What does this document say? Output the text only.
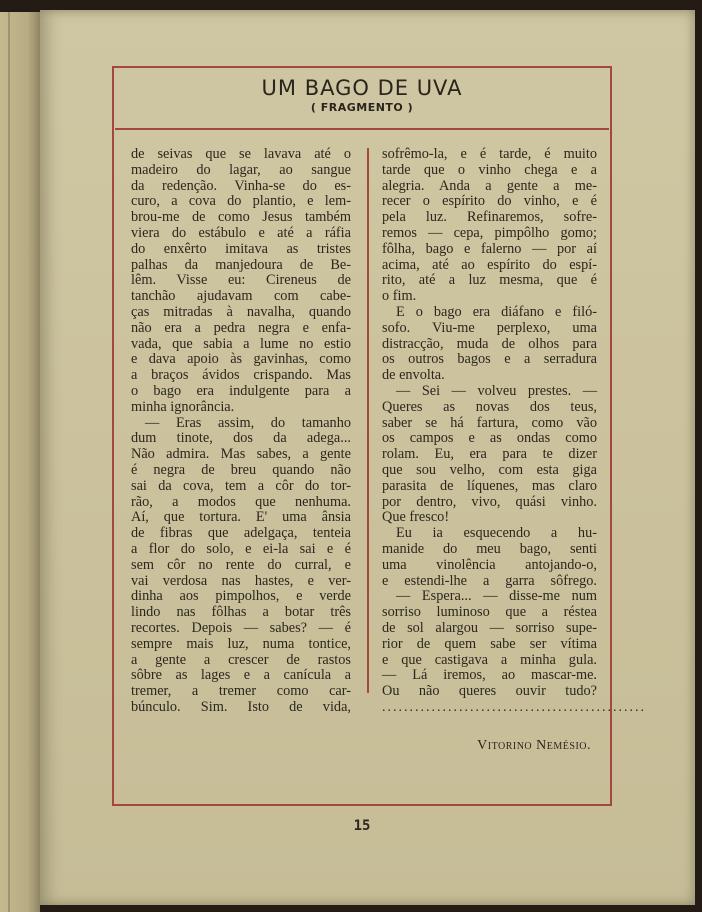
UM BAGO DE UVA
( FRAGMENTO )
de seivas que se lavava até o
madeiro do lagar, ao sangue
da redenção. Vinha-se do es-
curo, a cova do plantio, e lem-
brou-me de como Jesus também
viera do estábulo e até a ráfia
do enxêrto imitava as tristes
palhas da manjedoura de Be-
lêm. Visse eu: Cireneus de
tanchão ajudavam com cabe-
ças mitradas à navalha, quando
não era a pedra negra e enfa-
vada, que sabia a lume no estio
e dava apoio às gavinhas, como
a braços ávidos crispando. Mas
o bago era indulgente para a
minha ignorância.
— Eras assim, do tamanho
dum tinote, dos da adega...
Não admira. Mas sabes, a gente
é negra de breu quando não
sai da cova, tem a côr do tor-
rão, a modos que nenhuma.
Aí, que tortura. E' uma ânsia
de fibras que adelgaça, tenteia
a flor do solo, e ei-la sai e é
sem côr no rente do curral, e
vai verdosa nas hastes, e ver-
dinha aos pimpolhos, e verde
lindo nas fôlhas a botar três
recortes. Depois — sabes? — é
sempre mais luz, numa tontice,
a gente a crescer de rastos
sôbre as lages e a canícula a
tremer, a tremer como car-
búnculo. Sim. Isto de vida,
sofrêmo-la, e é tarde, é muito
tarde que o vinho chega e a
alegria. Anda a gente a me-
recer o espírito do vinho, e é
pela luz. Refinaremos, sofre-
remos — cepa, pimpôlho gomo;
fôlha, bago e falerno — por aí
acima, até ao espírito do espí-
rito, até a luz mesma, que é
o fim.
E o bago era diáfano e filó-
sofo. Viu-me perplexo, uma
distracção, muda de olhos para
os outros bagos e a serradura
de envolta.
— Sei — volveu prestes. —
Queres as novas dos teus,
saber se há fartura, como vão
os campos e as ondas como
rolam. Eu, era para te dizer
que sou velho, com esta giga
parasita de líquenes, mas claro
por dentro, vivo, quási vinho.
Que fresco!
Eu ia esquecendo a hu-
manide do meu bago, senti
uma vinolência antojando-o,
e estendi-lhe a garra sôfrego.
— Espera... — disse-me num
sorriso luminoso que a réstea
de sol alargou — sorriso supe-
rior de quem sabe ser vítima
e que castigava a minha gula.
— Lá iremos, ao mascar-me.
Ou não queres ouvir tudo?
................................................
Vitorino Nemésio.
15
